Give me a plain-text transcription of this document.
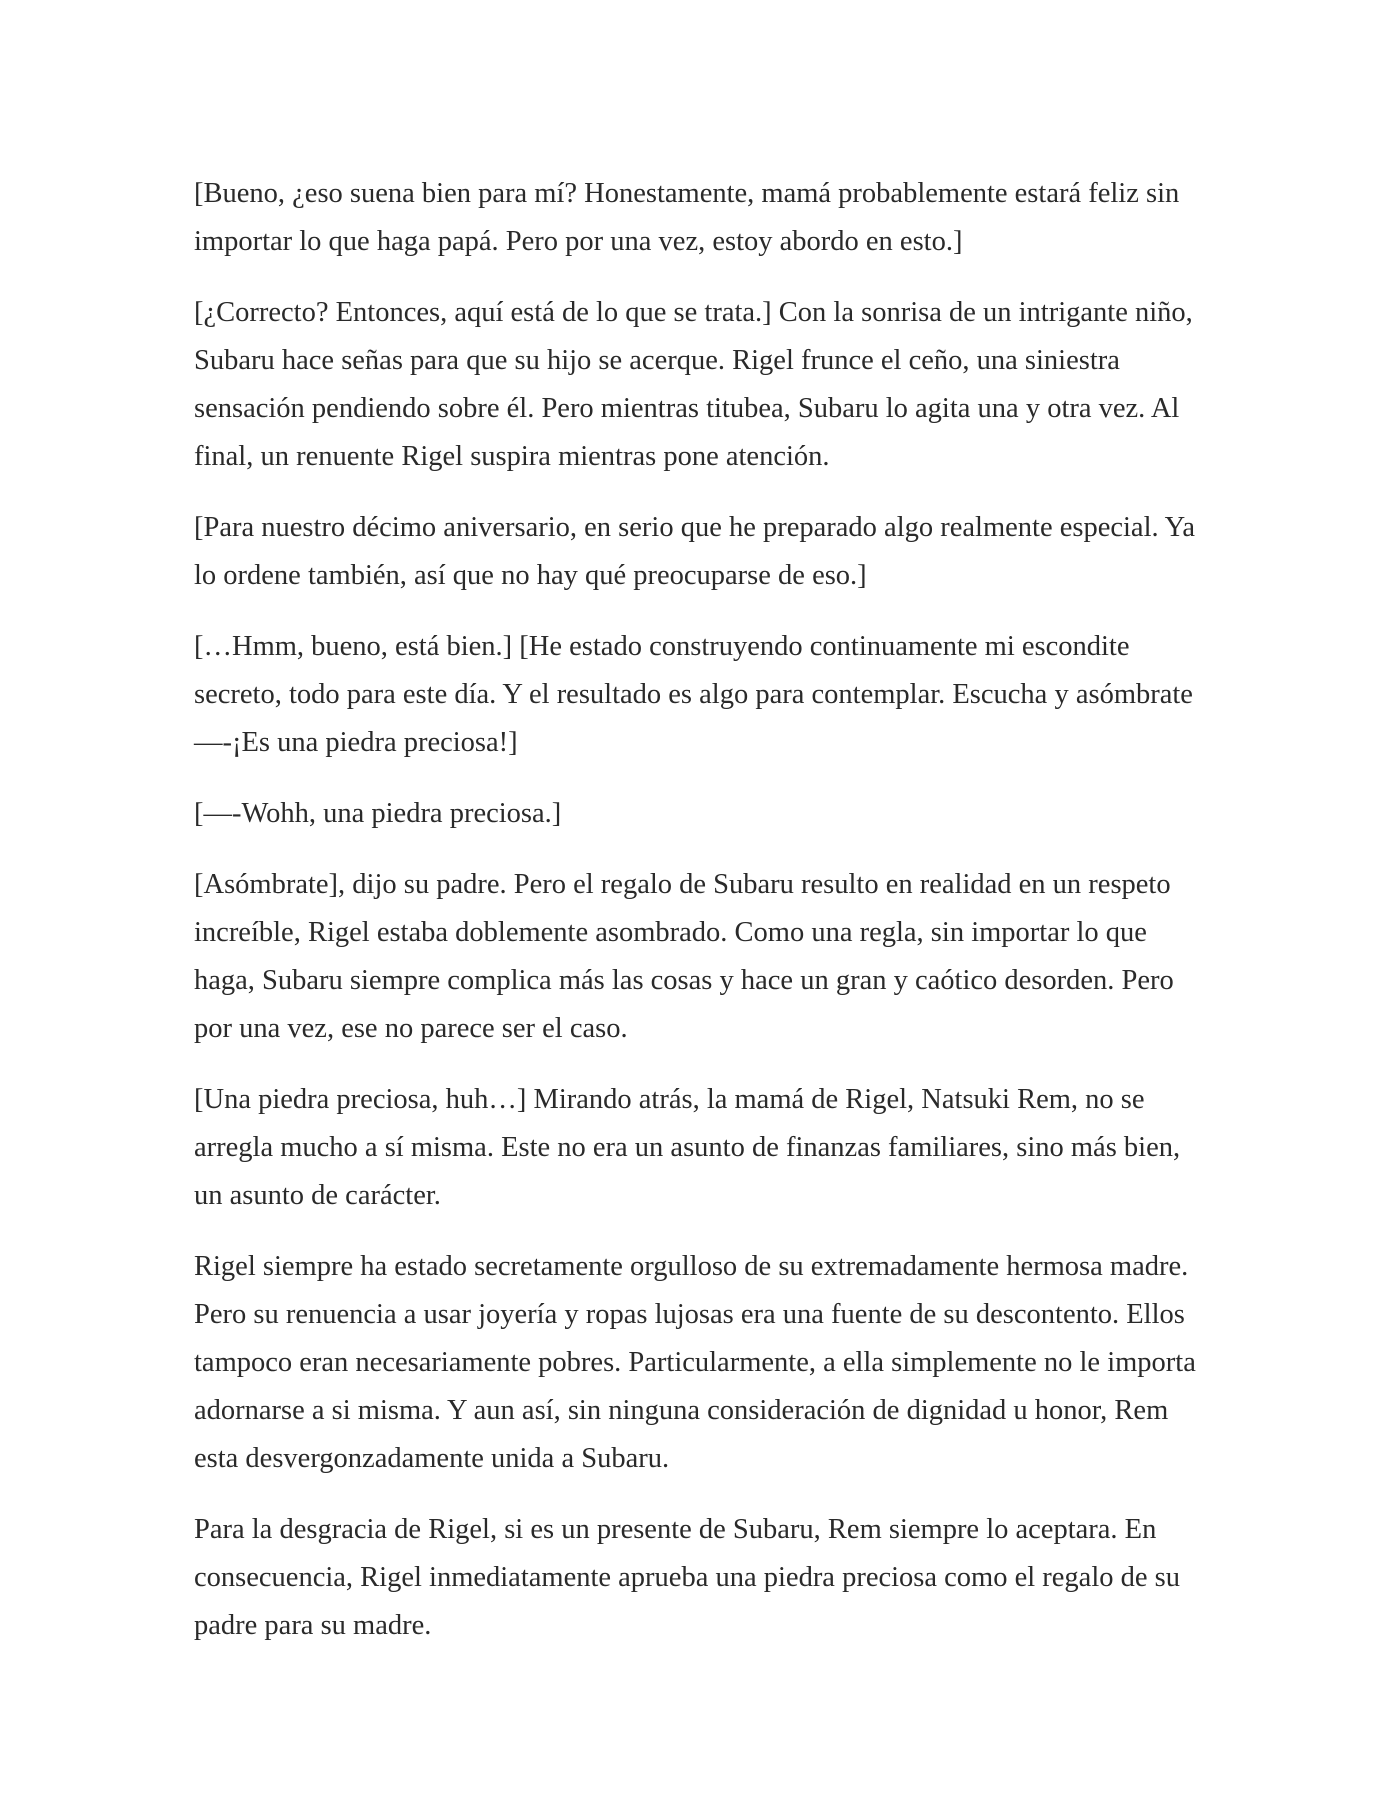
[Bueno, ¿eso suena bien para mí? Honestamente, mamá probablemente estará feliz sin importar lo que haga papá. Pero por una vez, estoy abordo en esto.]

[¿Correcto? Entonces, aquí está de lo que se trata.] Con la sonrisa de un intrigante niño, Subaru hace señas para que su hijo se acerque. Rigel frunce el ceño, una siniestra sensación pendiendo sobre él. Pero mientras titubea, Subaru lo agita una y otra vez. Al final, un renuente Rigel suspira mientras pone atención.

[Para nuestro décimo aniversario, en serio que he preparado algo realmente especial. Ya lo ordene también, así que no hay qué preocuparse de eso.]

[…Hmm, bueno, está bien.] [He estado construyendo continuamente mi escondite secreto, todo para este día. Y el resultado es algo para contemplar. Escucha y asómbrate—-¡Es una piedra preciosa!]

[—-Wohh, una piedra preciosa.]

[Asómbrate], dijo su padre. Pero el regalo de Subaru resulto en realidad en un respeto increíble, Rigel estaba doblemente asombrado. Como una regla, sin importar lo que haga, Subaru siempre complica más las cosas y hace un gran y caótico desorden. Pero por una vez, ese no parece ser el caso.

[Una piedra preciosa, huh…] Mirando atrás, la mamá de Rigel, Natsuki Rem, no se arregla mucho a sí misma. Este no era un asunto de finanzas familiares, sino más bien, un asunto de carácter.

Rigel siempre ha estado secretamente orgulloso de su extremadamente hermosa madre. Pero su renuencia a usar joyería y ropas lujosas era una fuente de su descontento. Ellos tampoco eran necesariamente pobres. Particularmente, a ella simplemente no le importa adornarse a si misma. Y aun así, sin ninguna consideración de dignidad u honor, Rem esta desvergonzadamente unida a Subaru.

Para la desgracia de Rigel, si es un presente de Subaru, Rem siempre lo aceptara. En consecuencia, Rigel inmediatamente aprueba una piedra preciosa como el regalo de su padre para su madre.
